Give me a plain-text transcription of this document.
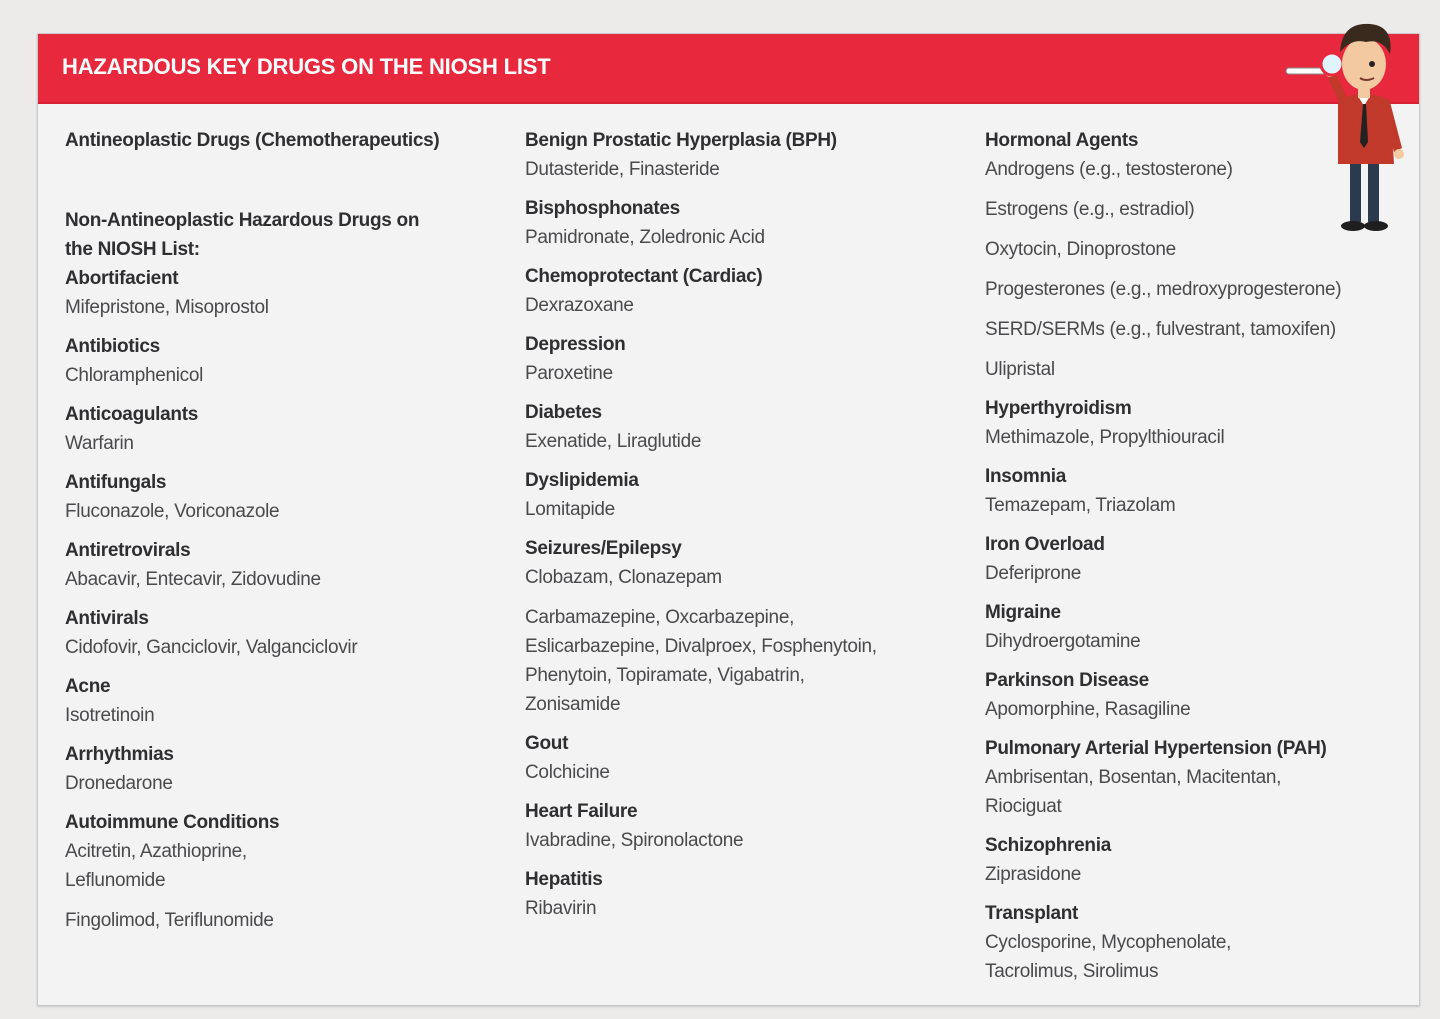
HAZARDOUS KEY DRUGS ON THE NIOSH LIST
Antineoplastic Drugs (Chemotherapeutics)
Non-Antineoplastic Hazardous Drugs on
the NIOSH List:
Abortifacient
Mifepristone, Misoprostol
Antibiotics
Chloramphenicol
Anticoagulants
Warfarin
Antifungals
Fluconazole, Voriconazole
Antiretrovirals
Abacavir, Entecavir, Zidovudine
Antivirals
Cidofovir, Ganciclovir, Valganciclovir
Acne
Isotretinoin
Arrhythmias
Dronedarone
Autoimmune Conditions
Acitretin, Azathioprine,
Leflunomide
Fingolimod, Teriflunomide
Benign Prostatic Hyperplasia (BPH)
Dutasteride, Finasteride
Bisphosphonates
Pamidronate, Zoledronic Acid
Chemoprotectant (Cardiac)
Dexrazoxane
Depression
Paroxetine
Diabetes
Exenatide, Liraglutide
Dyslipidemia
Lomitapide
Seizures/Epilepsy
Clobazam, Clonazepam
Carbamazepine, Oxcarbazepine,
Eslicarbazepine, Divalproex, Fosphenytoin,
Phenytoin, Topiramate, Vigabatrin,
Zonisamide
Gout
Colchicine
Heart Failure
Ivabradine, Spironolactone
Hepatitis
Ribavirin
Hormonal Agents
Androgens (e.g., testosterone)
Estrogens (e.g., estradiol)
Oxytocin, Dinoprostone
Progesterones (e.g., medroxyprogesterone)
SERD/SERMs (e.g., fulvestrant, tamoxifen)
Ulipristal
Hyperthyroidism
Methimazole, Propylthiouracil
Insomnia
Temazepam, Triazolam
Iron Overload
Deferiprone
Migraine
Dihydroergotamine
Parkinson Disease
Apomorphine, Rasagiline
Pulmonary Arterial Hypertension (PAH)
Ambrisentan, Bosentan, Macitentan,
Riociguat
Schizophrenia
Ziprasidone
Transplant
Cyclosporine, Mycophenolate,
Tacrolimus, Sirolimus
